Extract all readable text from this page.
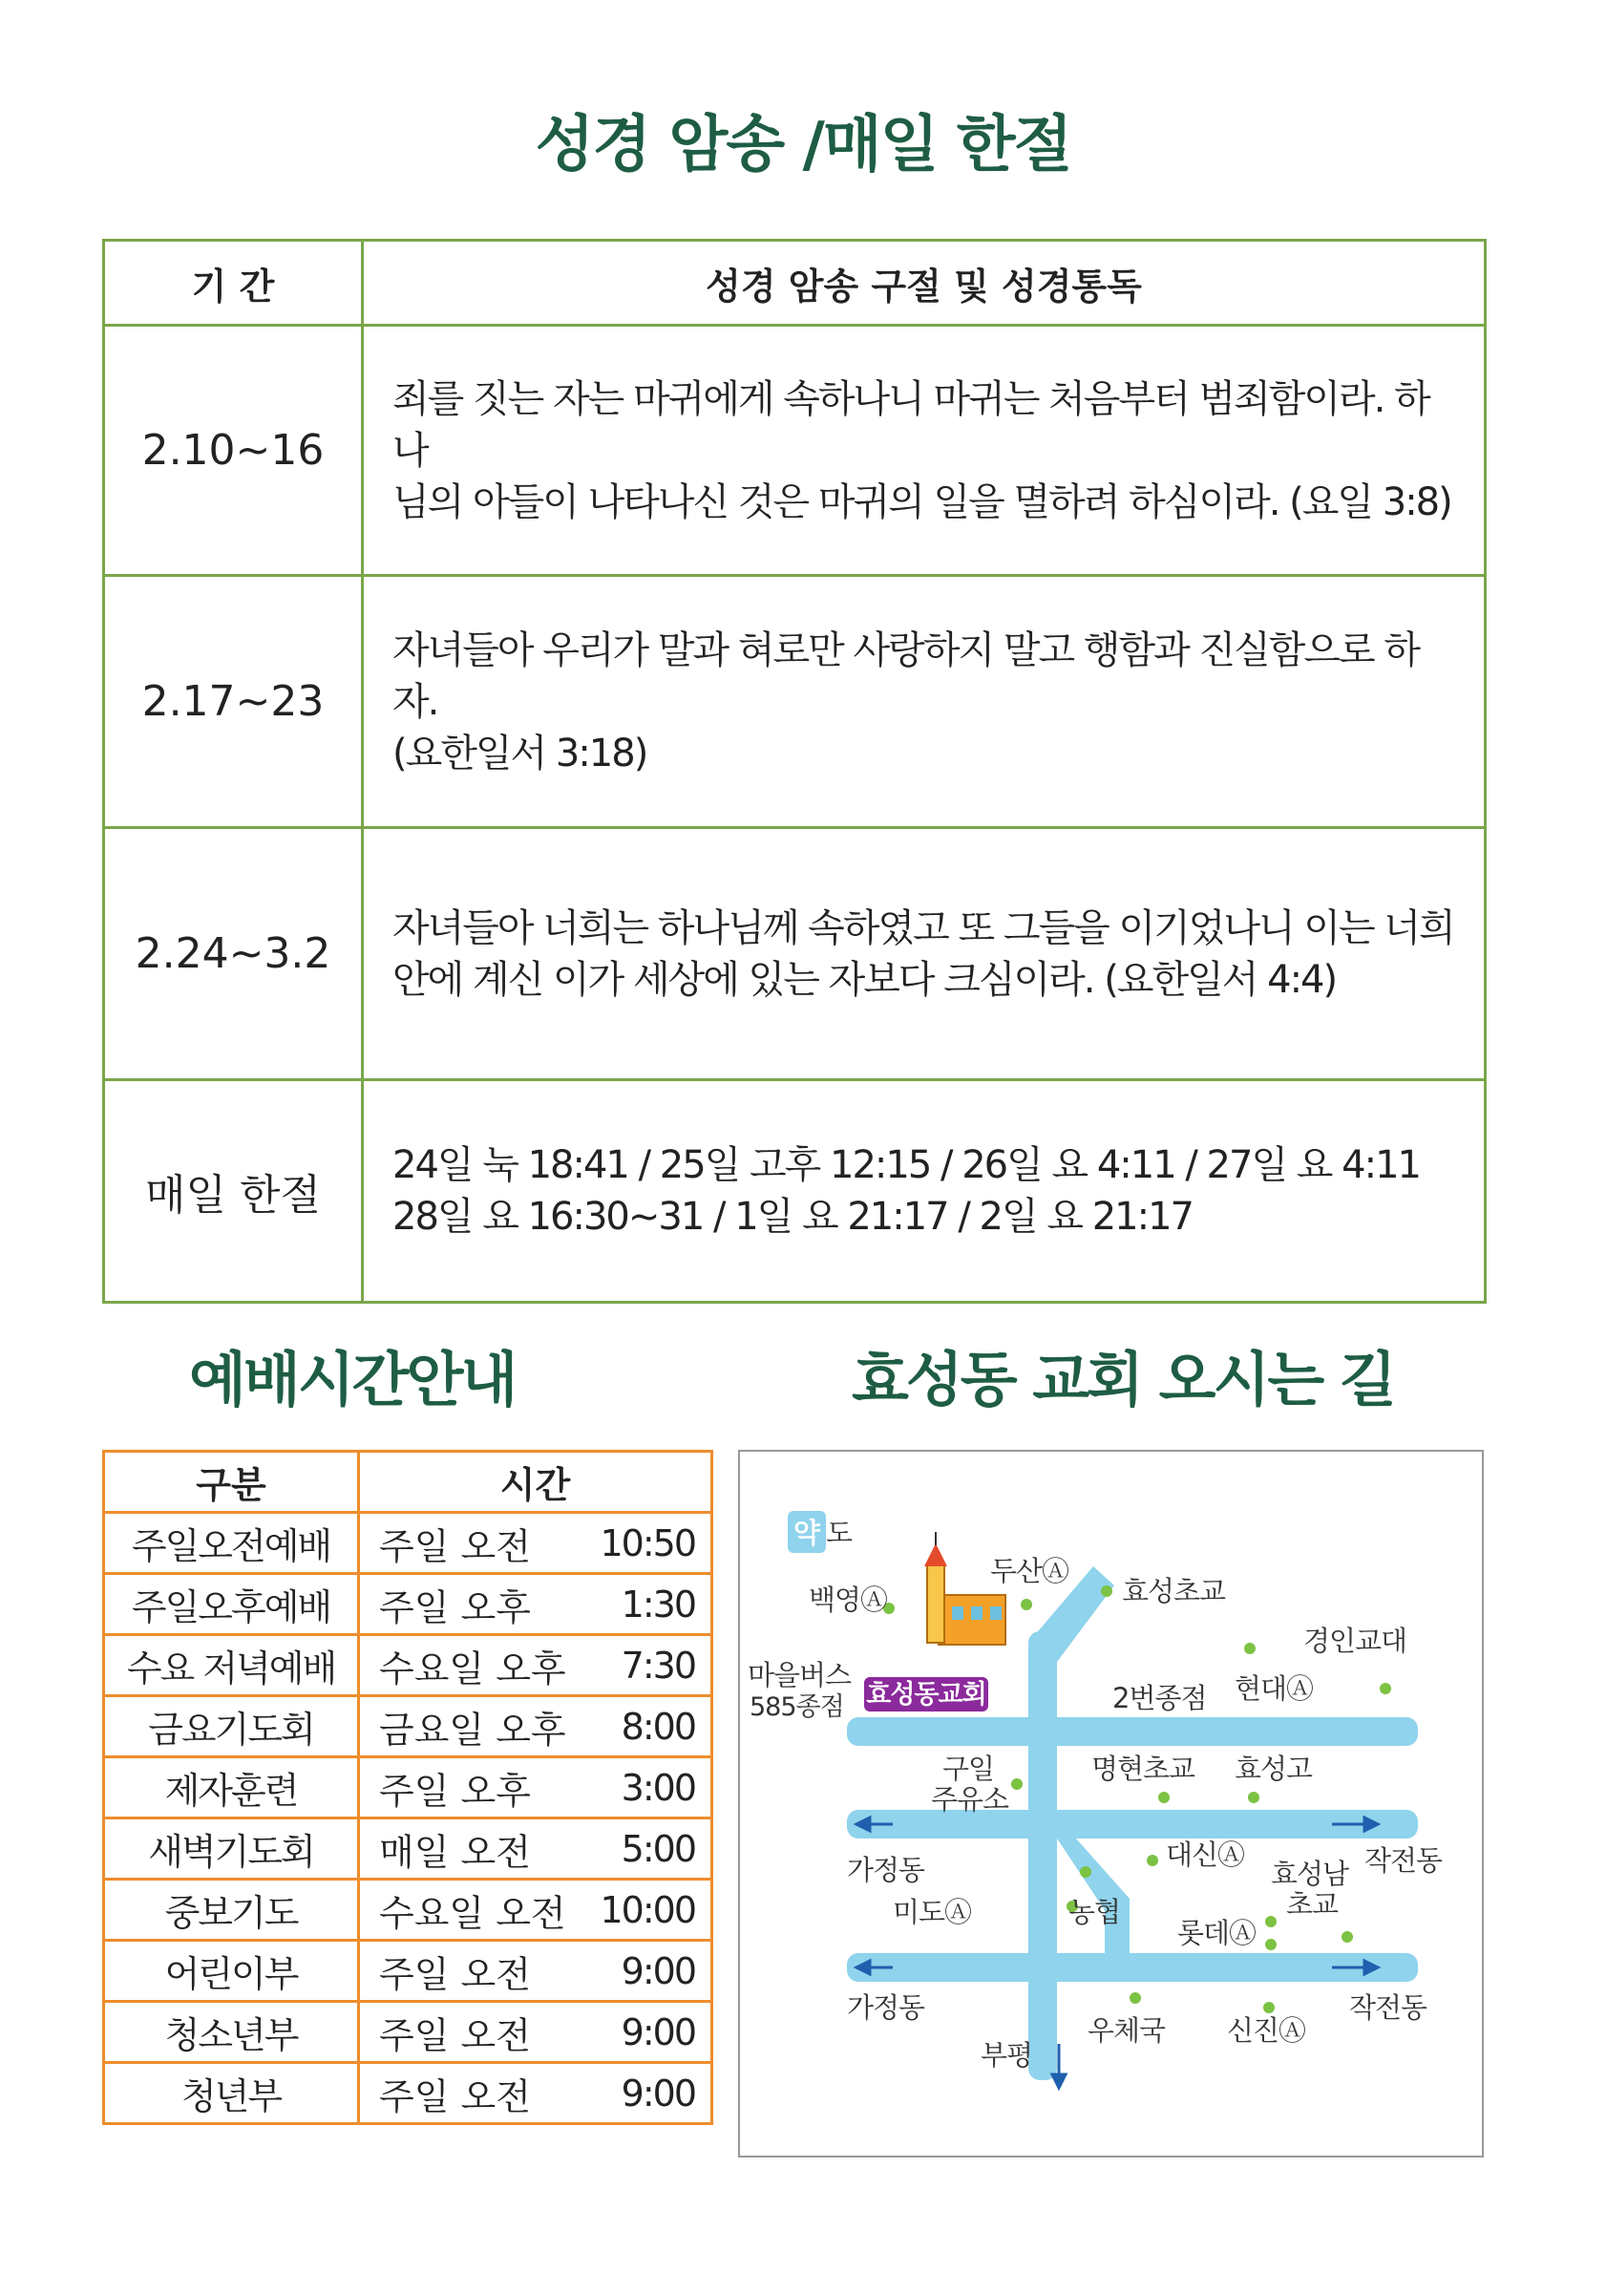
성경 암송 /매일 한절
기 간	성경 암송 구절 및 성경통독
2.10~16	죄를 짓는 자는 마귀에게 속하나니 마귀는 처음부터 범죄함이라. 하나
님의 아들이 나타나신 것은 마귀의 일을 멸하려 하심이라. (요일 3:8)

2.17~23	자녀들아 우리가 말과 혀로만 사랑하지 말고 행함과 진실함으로 하자.
(요한일서 3:18)

2.24~3.2	자녀들아 너희는 하나님께 속하였고 또 그들을 이기었나니 이는 너희
안에 계신 이가 세상에 있는 자보다 크심이라. (요한일서 4:4)

매일 한절	24일 눅 18:41 / 25일 고후 12:15 / 26일 요 4:11 / 27일 요 4:11
28일 요 16:30~31 / 1일 요 21:17 / 2일 요 21:17
예배시간안내	효성동 교회 오시는 길
구분	시간
주일오전예배	주일 오전 10:50

주일오후예배	주일 오후 1:30

수요 저녁예배	수요일 오후 7:30

금요기도회	금요일 오후 8:00

제자훈련	주일 오후 3:00

새벽기도회	매일 오전 5:00

중보기도	수요일 오전 10:00

어린이부	주일 오전 9:00

청소년부	주일 오전 9:00

청년부	주일 오전 9:00
약 도
효성동교회
두산Ⓐ
백영Ⓐ	효성초교
경인교대
마을버스
585종점	2번종점 현대Ⓐ
구일
주유소
명현초교 효성고
가정동	대신Ⓐ
효성남
초교
작전동
미도Ⓐ	농협
롯데Ⓐ
가정동	작전동
우체국 신진Ⓐ
부평
